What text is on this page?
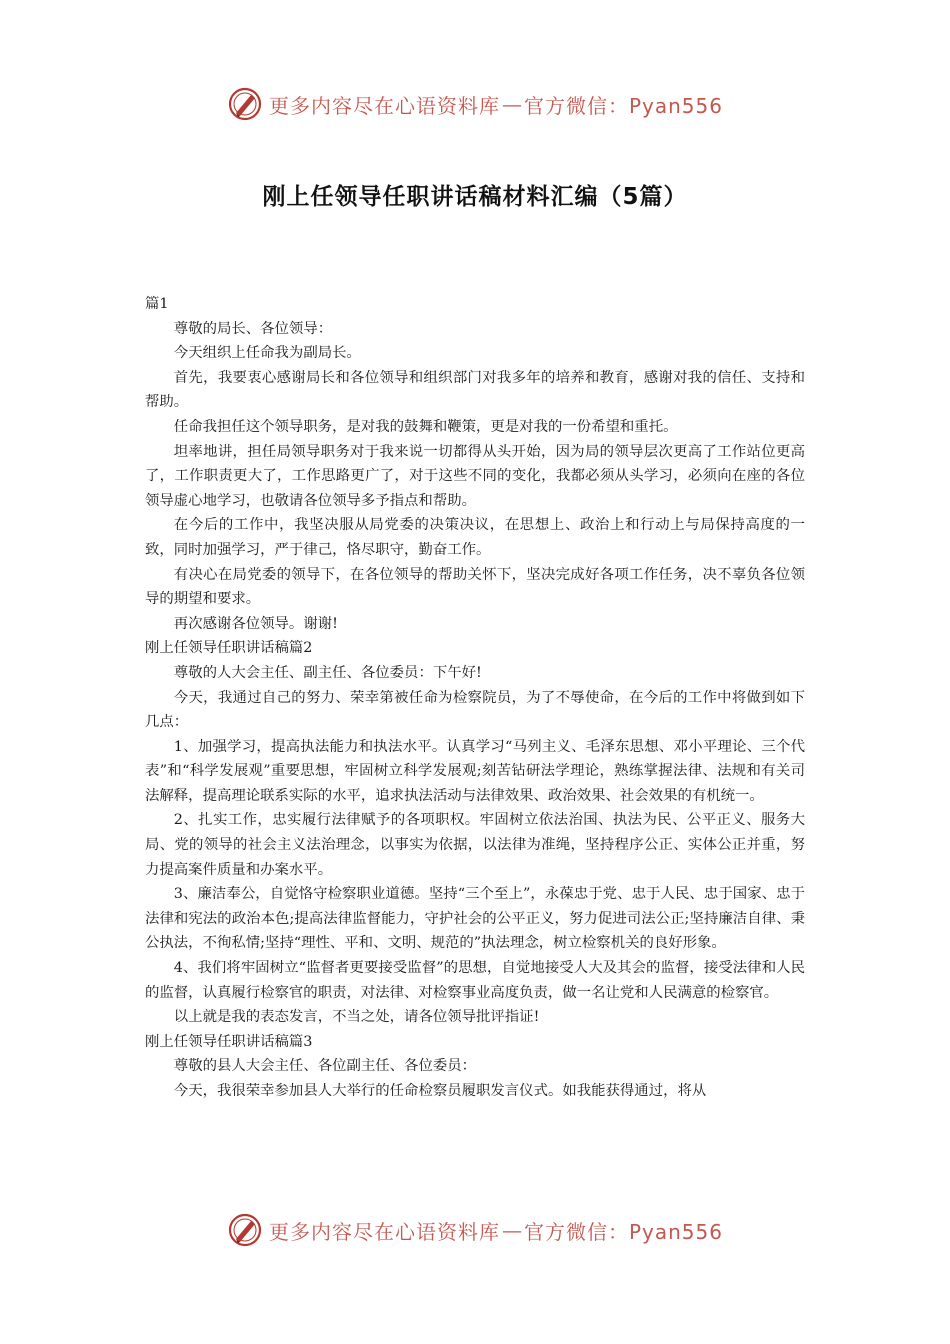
更多内容尽在心语资料库 — 官方微信：Pyan556
刚上任领导任职讲话稿材料汇编（5篇）

篇1

尊敬的局长、各位领导：

今天组织上任命我为副局长。

首先，我要衷心感谢局长和各位领导和组织部门对我多年的培养和教育，感谢对我的信任、支持和帮助。

任命我担任这个领导职务，是对我的鼓舞和鞭策，更是对我的一份希望和重托。

坦率地讲，担任局领导职务对于我来说一切都得从头开始，因为局的领导层次更高了工作站位更高了，工作职责更大了，工作思路更广了，对于这些不同的变化，我都必须从头学习，必须向在座的各位领导虚心地学习，也敬请各位领导多予指点和帮助。

在今后的工作中，我坚决服从局党委的决策决议，在思想上、政治上和行动上与局保持高度的一致，同时加强学习，严于律己，恪尽职守，勤奋工作。

有决心在局党委的领导下，在各位领导的帮助关怀下，坚决完成好各项工作任务，决不辜负各位领导的期望和要求。

再次感谢各位领导。谢谢!

刚上任领导任职讲话稿篇2

尊敬的人大会主任、副主任、各位委员：下午好!

今天，我通过自己的努力、荣幸第被任命为检察院员，为了不辱使命，在今后的工作中将做到如下几点：

1、加强学习，提高执法能力和执法水平。认真学习“马列主义、毛泽东思想、邓小平理论、三个代表”和“科学发展观”重要思想，牢固树立科学发展观;刻苦钻研法学理论，熟练掌握法律、法规和有关司法解释，提高理论联系实际的水平，追求执法活动与法律效果、政治效果、社会效果的有机统一。

2、扎实工作，忠实履行法律赋予的各项职权。牢固树立依法治国、执法为民、公平正义、服务大局、党的领导的社会主义法治理念，以事实为依据，以法律为准绳，坚持程序公正、实体公正并重，努力提高案件质量和办案水平。

3、廉洁奉公，自觉恪守检察职业道德。坚持“三个至上”，永葆忠于党、忠于人民、忠于国家、忠于法律和宪法的政治本色;提高法律监督能力，守护社会的公平正义，努力促进司法公正;坚持廉洁自律、秉公执法，不徇私情;坚持“理性、平和、文明、规范的”执法理念，树立检察机关的良好形象。

4、我们将牢固树立“监督者更要接受监督”的思想，自觉地接受人大及其会的监督，接受法律和人民的监督，认真履行检察官的职责，对法律、对检察事业高度负责，做一名让党和人民满意的检察官。

以上就是我的表态发言，不当之处，请各位领导批评指证!

刚上任领导任职讲话稿篇3

尊敬的县人大会主任、各位副主任、各位委员：

今天，我很荣幸参加县人大举行的任命检察员履职发言仪式。如我能获得通过，将从

更多内容尽在心语资料库 — 官方微信：Pyan556
